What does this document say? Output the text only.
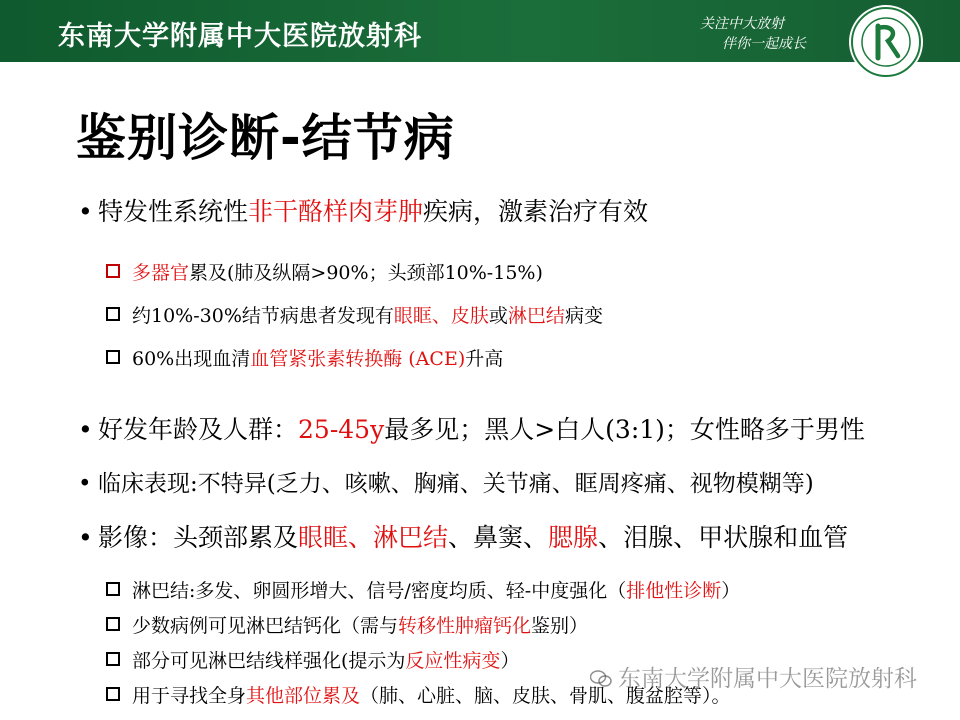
东南大学附属中大医院放射科	关注中大放射
伴你一起成长
鉴别诊断-结节病
• 特发性系统性非干酪样肉芽肿疾病，激素治疗有效
多器官累及(肺及纵隔>90%；头颈部10%-15%)
约10%-30%结节病患者发现有眼眶、皮肤或淋巴结病变
60%出现血清血管紧张素转换酶 (ACE)升高
• 好发年龄及人群：25-45y最多见；黑人>白人(3:1)；女性略多于男性
• 临床表现:不特异(乏力、咳嗽、胸痛、关节痛、眶周疼痛、视物模糊等)
• 影像：头颈部累及眼眶、淋巴结、鼻窦、腮腺、泪腺、甲状腺和血管
淋巴结:多发、卵圆形增大、信号/密度均质、轻-中度强化（排他性诊断）
少数病例可见淋巴结钙化（需与转移性肿瘤钙化鉴别）
部分可见淋巴结线样强化(提示为反应性病变）
用于寻找全身其他部位累及（肺、心脏、脑、皮肤、骨肌、腹盆腔等）。
东南大学附属中大医院放射科
